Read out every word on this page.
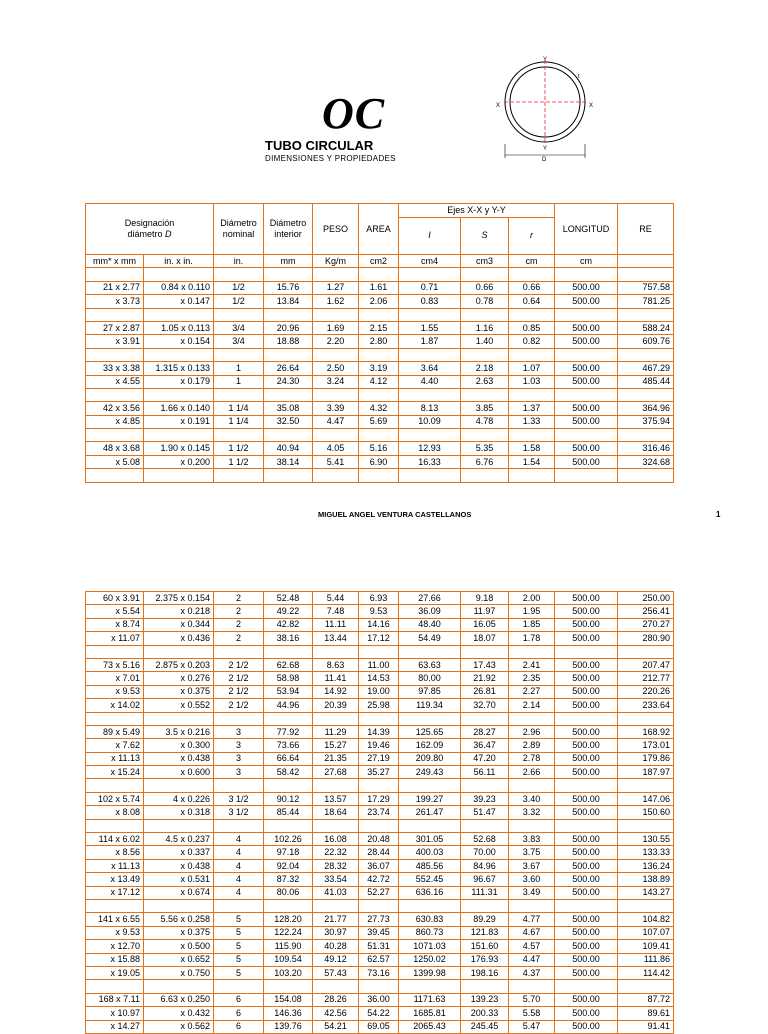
OC
TUBO CIRCULAR
DIMENSIONES Y PROPIEDADES
Y
t
X	X
Y
D
Designación
diámetro D		Diámetro nominal	Diámetro interior	PESO	AREA	Ejes X-X y Y-Y			LONGITUD	RE
						I	S	r		
mm* x mm	in. x in.	in.	mm	Kg/m	cm2	cm4	cm3	cm	cm	

21 x 2.77	0.84 x 0.110	1/2	15.76	1.27	1.61	0.71	0.66	0.66	500.00	757.58
x 3.73	x 0.147	1/2	13.84	1.62	2.06	0.83	0.78	0.64	500.00	781.25

27 x 2.87	1.05 x 0.113	3/4	20.96	1.69	2.15	1.55	1.16	0.85	500.00	588.24
x 3.91	x 0.154	3/4	18.88	2.20	2.80	1.87	1.40	0.82	500.00	609.76

33 x 3.38	1.315 x 0.133	1	26.64	2.50	3.19	3.64	2.18	1.07	500.00	467.29
x 4.55	x 0.179	1	24.30	3.24	4.12	4.40	2.63	1.03	500.00	485.44

42 x 3.56	1.66 x 0.140	1 1/4	35.08	3.39	4.32	8.13	3.85	1.37	500.00	364.96
x 4.85	x 0.191	1 1/4	32.50	4.47	5.69	10.09	4.78	1.33	500.00	375.94

48 x 3.68	1.90 x 0.145	1 1/2	40.94	4.05	5.16	12.93	5.35	1.58	500.00	316.46
x 5.08	x 0.200	1 1/2	38.14	5.41	6.90	16.33	6.76	1.54	500.00	324.68

MIGUEL ANGEL VENTURA CASTELLANOS	1
60 x 3.91	2.375 x 0.154	2	52.48	5.44	6.93	27.66	9.18	2.00	500.00	250.00
x 5.54	x 0.218	2	49.22	7.48	9.53	36.09	11.97	1.95	500.00	256.41
x 8.74	x 0.344	2	42.82	11.11	14.16	48.40	16.05	1.85	500.00	270.27
x 11.07	x 0.436	2	38.16	13.44	17.12	54.49	18.07	1.78	500.00	280.90

73 x 5.16	2.875 x 0.203	2 1/2	62.68	8.63	11.00	63.63	17.43	2.41	500.00	207.47
x 7.01	x 0.276	2 1/2	58.98	11.41	14.53	80.00	21.92	2.35	500.00	212.77
x 9.53	x 0.375	2 1/2	53.94	14.92	19.00	97.85	26.81	2.27	500.00	220.26
x 14.02	x 0.552	2 1/2	44.96	20.39	25.98	119.34	32.70	2.14	500.00	233.64

89 x 5.49	3.5 x 0.216	3	77.92	11.29	14.39	125.65	28.27	2.96	500.00	168.92
x 7.62	x 0.300	3	73.66	15.27	19.46	162.09	36.47	2.89	500.00	173.01
x 11.13	x 0.438	3	66.64	21.35	27.19	209.80	47.20	2.78	500.00	179.86
x 15.24	x 0.600	3	58.42	27.68	35.27	249.43	56.11	2.66	500.00	187.97

102 x 5.74	4 x 0.226	3 1/2	90.12	13.57	17.29	199.27	39.23	3.40	500.00	147.06
x 8.08	x 0.318	3 1/2	85.44	18.64	23.74	261.47	51.47	3.32	500.00	150.60

114 x 6.02	4.5 x 0.237	4	102.26	16.08	20.48	301.05	52.68	3.83	500.00	130.55
x 8.56	x 0.337	4	97.18	22.32	28.44	400.03	70.00	3.75	500.00	133.33
x 11.13	x 0.438	4	92.04	28.32	36.07	485.56	84.96	3.67	500.00	136.24
x 13.49	x 0.531	4	87.32	33.54	42.72	552.45	96.67	3.60	500.00	138.89
x 17.12	x 0.674	4	80.06	41.03	52.27	636.16	111.31	3.49	500.00	143.27

141 x 6.55	5.56 x 0.258	5	128.20	21.77	27.73	630.83	89.29	4.77	500.00	104.82
x 9.53	x 0.375	5	122.24	30.97	39.45	860.73	121.83	4.67	500.00	107.07
x 12.70	x 0.500	5	115.90	40.28	51.31	1071.03	151.60	4.57	500.00	109.41
x 15.88	x 0.652	5	109.54	49.12	62.57	1250.02	176.93	4.47	500.00	111.86
x 19.05	x 0.750	5	103.20	57.43	73.16	1399.98	198.16	4.37	500.00	114.42

168 x 7.11	6.63 x 0.250	6	154.08	28.26	36.00	1171.63	139.23	5.70	500.00	87.72
x 10.97	x 0.432	6	146.36	42.56	54.22	1685.81	200.33	5.58	500.00	89.61
x 14.27	x 0.562	6	139.76	54.21	69.05	2065.43	245.45	5.47	500.00	91.41
